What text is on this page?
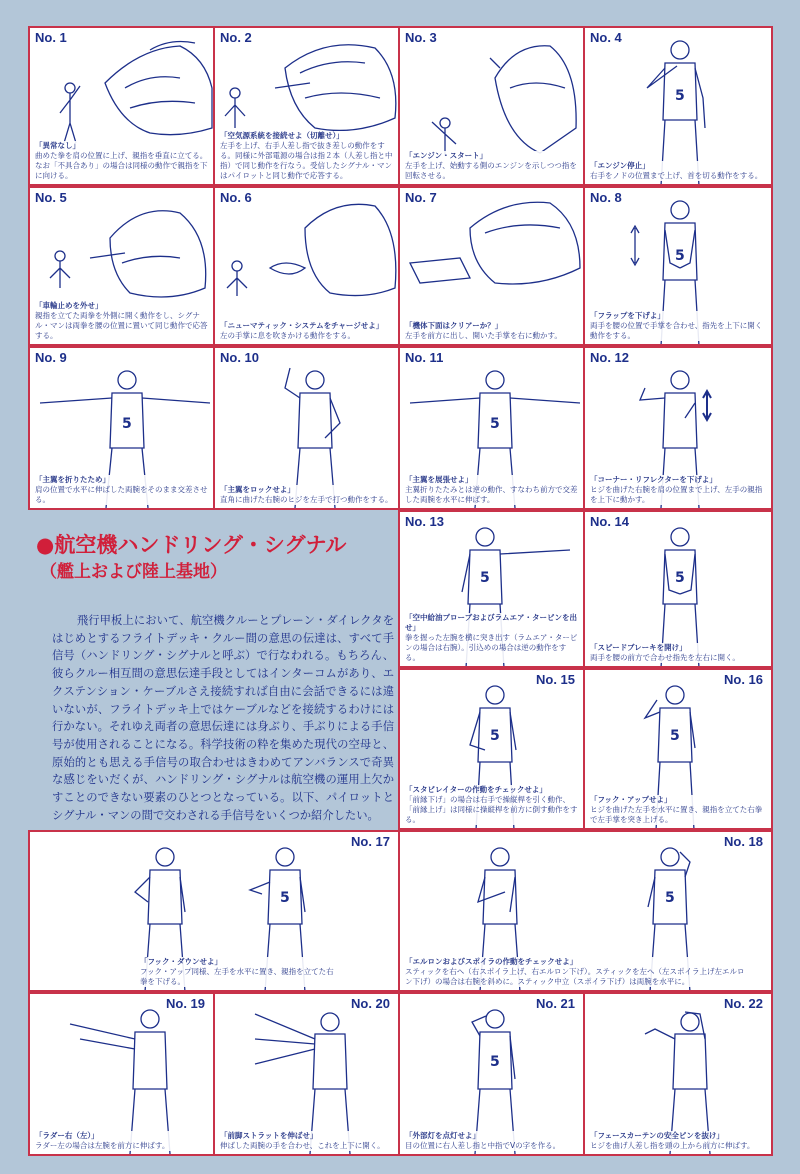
No. 1
「異常なし」
曲めた拳を肩の位置に上げ、親指を垂直に立てる。なお「不具合あり」の場合は同様の動作で親指を下に向ける。
No. 2
「空気源系統を接続せよ（切離せ）」
左手を上げ、右手人差し指で抜き差しの動作をする。同様に外部電源の場合は指２本（人差し指と中指）で同じ動作を行なう。受信したシグナル・マンはパイロットと同じ動作で応答する。
No. 3
「エンジン・スタート」
左手を上げ、始動する側のエンジンを示しつつ指を回転させる。
5
No. 4
「エンジン停止」
右手をノドの位置まで上げ、首を切る動作をする。
No. 5
「車輪止めを外せ」
親指を立てた両拳を外側に開く動作をし、シグナル・マンは両拳を腰の位置に置いて同じ動作で応答する。
No. 6
「ニューマティック・システムをチャージせよ」
左の手掌に息を吹きかける動作をする。
No. 7
「機体下面はクリアーか？」
左手を前方に出し、開いた手掌を右に動かす。
5
No. 8
「フラップを下げよ」
両手を腰の位置で手掌を合わせ、指先を上下に開く動作をする。
5
No. 9
「主翼を折りたため」
肩の位置で水平に伸ばした両腕をそのまま交差させる。
No. 10
「主翼をロックせよ」
直角に曲げた右腕のヒジを左手で打つ動作をする。
5
No. 11
「主翼を展張せよ」
主翼折りたたみとは逆の動作、すなわち前方で交差した両腕を水平に伸ばす。
No. 12
「コーナー・リフレクターを下げよ」
ヒジを曲げた右腕を肩の位置まで上げ、左手の親指を上下に動かす。
5
No. 13
「空中給油プローブおよびラムエア・タービンを出せ」
拳を握った左腕を横に突き出す（ラムエア・タービンの場合は右腕）。引込めの場合は逆の動作をする。
5
No. 14
「スピードブレーキを開け」
両手を腰の前方で合わせ指先を左右に開く。
5
No. 15
「スタビレイターの作動をチェックせよ」
「前縁下げ」の場合は右手で操縦桿を引く動作、「前縁上げ」は同様に操縦桿を前方に倒す動作をする。
5
No. 16
「フック・アップせよ」
ヒジを曲げた左手を水平に置き、親指を立てた右拳で左手掌を突き上げる。
5
No. 17
「フック・ダウンせよ」
フック・アップ同様、左手を水平に置き、親指を立てた右拳を下げる。
5
No. 18
「エルロンおよびスポイラの作動をチェックせよ」
スティックを右へ（右スポイラ上げ、右エルロン下げ）。スティックを左へ（左スポイラ上げ左エルロン下げ）の場合は右腕を斜めに。スティック中立（スポイラ下げ）は両腕を水平に。
No. 19
「ラダー右（左）」
ラダー左の場合は左腕を前方に伸ばす。
No. 20
「前脚ストラットを伸ばせ」
伸ばした両腕の手を合わせ、これを上下に開く。
5
No. 21
「外部灯を点灯せよ」
目の位置に右人差し指と中指でVの字を作る。
No. 22
「フェースカーテンの安全ピンを抜け」
ヒジを曲げ人差し指を頭の上から前方に伸ばす。
●航空機ハンドリング・シグナル
（艦上および陸上基地）
飛行甲板上において、航空機クルーとプレーン・ダイレクタをはじめとするフライトデッキ・クルー間の意思の伝達は、すべて手信号（ハンドリング・シグナルと呼ぶ）で行なわれる。もちろん、彼らクルー相互間の意思伝達手段としてはインターコムがあり、エクステンション・ケーブルさえ接続すれば自由に会話できるには違いないが、フライトデッキ上ではケーブルなどを接続するわけには行かない。それゆえ両者の意思伝達には身ぶり、手ぶりによる手信号が使用されることになる。科学技術の粋を集めた現代の空母と、原始的とも思える手信号の取合わせはきわめてアンバランスで奇異な感じをいだくが、ハンドリング・シグナルは航空機の運用上欠かすことのできない要素のひとつとなっている。以下、パイロットとシグナル・マンの間で交わされる手信号をいくつか紹介したい。
